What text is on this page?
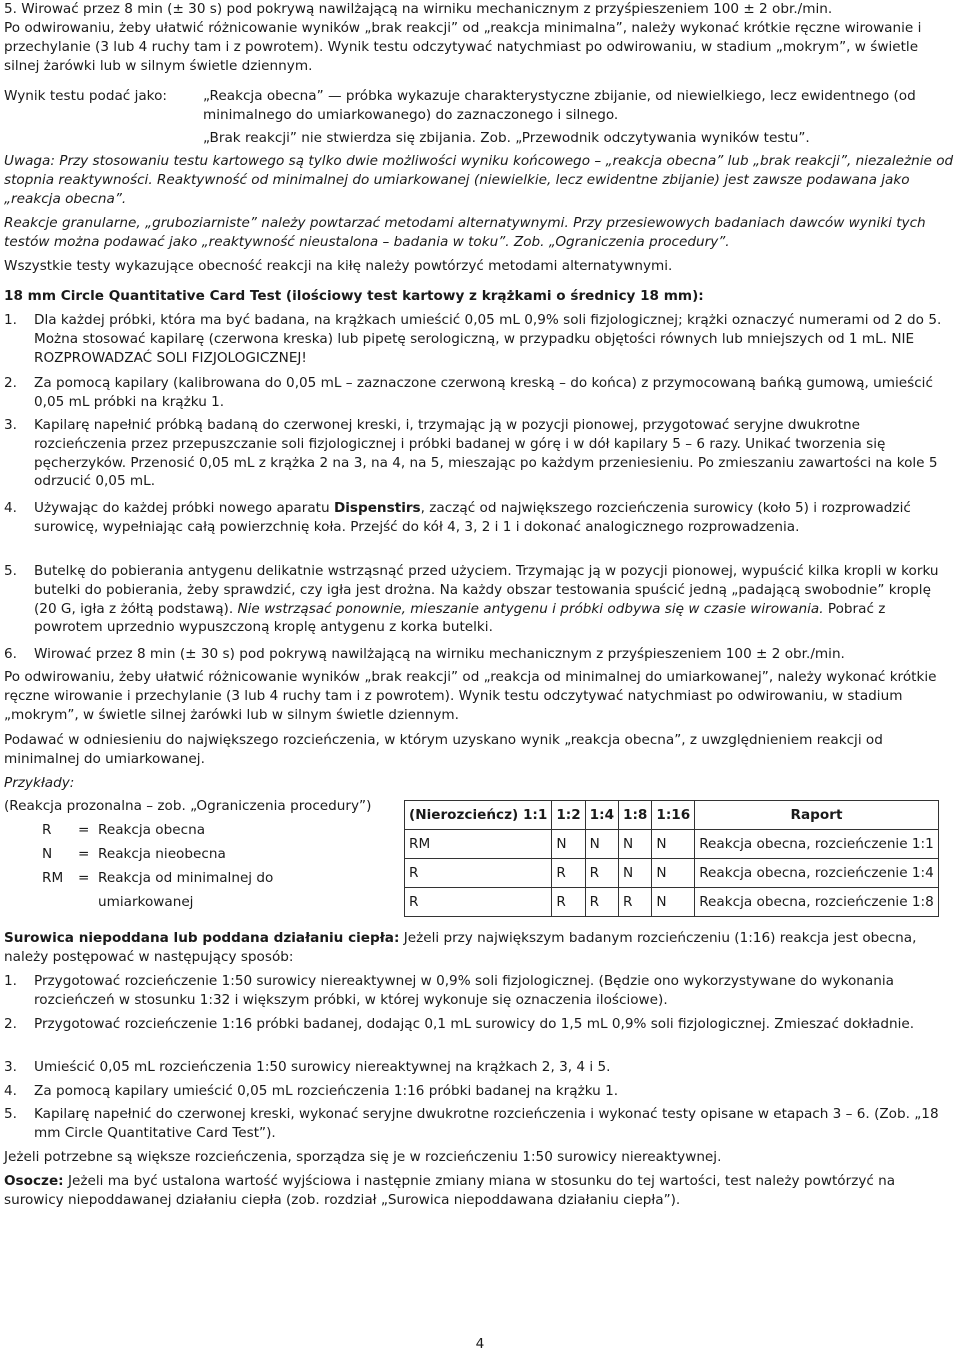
5. Wirować przez 8 min (± 30 s) pod pokrywą nawilżającą na wirniku mechanicznym z przyśpieszeniem 100 ± 2 obr./min.

Po odwirowaniu, żeby ułatwić różnicowanie wyników „brak reakcji” od „reakcja minimalna”, należy wykonać krótkie ręczne wirowanie i przechylanie (3 lub 4 ruchy tam i z powrotem). Wynik testu odczytywać natychmiast po odwirowaniu, w stadium „mokrym”, w świetle silnej żarówki lub w silnym świetle dziennym.

Wynik testu podać jako:	„Reakcja obecna” — próbka wykazuje charakterystyczne zbijanie, od niewielkiego, lecz ewidentnego (od minimalnego do umiarkowanego) do zaznaczonego i silnego.
„Brak reakcji” nie stwierdza się zbijania. Zob. „Przewodnik odczytywania wyników testu”.

Uwaga: Przy stosowaniu testu kartowego są tylko dwie możliwości wyniku końcowego – „reakcja obecna” lub „brak reakcji”, niezależnie od stopnia reaktywności. Reaktywność od minimalnej do umiarkowanej (niewielkie, lecz ewidentne zbijanie) jest zawsze podawana jako „reakcja obecna”.

Reakcje granularne, „gruboziarniste” należy powtarzać metodami alternatywnymi. Przy przesiewowych badaniach dawców wyniki tych testów można podawać jako „reaktywność nieustalona – badania w toku”. Zob. „Ograniczenia procedury”.

Wszystkie testy wykazujące obecność reakcji na kiłę należy powtórzyć metodami alternatywnymi.

18 mm Circle Quantitative Card Test (ilościowy test kartowy z krążkami o średnicy 18 mm):

1.	Dla każdej próbki, która ma być badana, na krążkach umieścić 0,05 mL 0,9% soli fizjologicznej; krążki oznaczyć numerami od 2 do 5. Można stosować kapilarę (czerwona kreska) lub pipetę serologiczną, w przypadku objętości równych lub mniejszych od 1 mL. NIE ROZPROWADZAĆ SOLI FIZJOLOGICZNEJ!
2.	Za pomocą kapilary (kalibrowana do 0,05 mL – zaznaczone czerwoną kreską – do końca) z przymocowaną bańką gumową, umieścić 0,05 mL próbki na krążku 1.
3.	Kapilarę napełnić próbką badaną do czerwonej kreski, i, trzymając ją w pozycji pionowej, przygotować seryjne dwukrotne rozcieńczenia przez przepuszczanie soli fizjologicznej i próbki badanej w górę i w dół kapilary 5 – 6 razy. Unikać tworzenia się pęcherzyków. Przenosić 0,05 mL z krążka 2 na 3, na 4, na 5, mieszając po każdym przeniesieniu. Po zmieszaniu zawartości na kole 5 odrzucić 0,05 mL.
4.	Używając do każdej próbki nowego aparatu Dispenstirs, zacząć od największego rozcieńczenia surowicy (koło 5) i rozprowadzić surowicę, wypełniając całą powierzchnię koła. Przejść do kół 4, 3, 2 i 1 i dokonać analogicznego rozprowadzenia.
5.	Butelkę do pobierania antygenu delikatnie wstrząsnąć przed użyciem. Trzymając ją w pozycji pionowej, wypuścić kilka kropli w korku butelki do pobierania, żeby sprawdzić, czy igła jest drożna. Na każdy obszar testowania spuścić jedną „padającą swobodnie” kroplę (20 G, igła z żółtą podstawą). Nie wstrząsać ponownie, mieszanie antygenu i próbki odbywa się w czasie wirowania. Pobrać z powrotem uprzednio wypuszczoną kroplę antygenu z korka butelki.
6.	Wirować przez 8 min (± 30 s) pod pokrywą nawilżającą na wirniku mechanicznym z przyśpieszeniem 100 ± 2 obr./min.

Po odwirowaniu, żeby ułatwić różnicowanie wyników „brak reakcji” od „reakcja od minimalnej do umiarkowanej”, należy wykonać krótkie ręczne wirowanie i przechylanie (3 lub 4 ruchy tam i z powrotem). Wynik testu odczytywać natychmiast po odwirowaniu, w stadium „mokrym”, w świetle silnej żarówki lub w silnym świetle dziennym.

Podawać w odniesieniu do największego rozcieńczenia, w którym uzyskano wynik „reakcja obecna”, z uwzględnieniem reakcji od minimalnej do umiarkowanej.

Przykłady:

(Reakcja prozonalna – zob. „Ograniczenia procedury”)

R	= Reakcja obecna
N	= Reakcja nieobecna
RM	= Reakcja od minimalnej do umiarkowanej
(Nierozcieńcz) 1:1	1:2	1:4	1:8	1:16	Raport
RM	N	N	N	N	Reakcja obecna, rozcieńczenie 1:1
R	R	R	N	N	Reakcja obecna, rozcieńczenie 1:4
R	R	R	R	N	Reakcja obecna, rozcieńczenie 1:8

Surowica niepoddana lub poddana działaniu ciepła: Jeżeli przy największym badanym rozcieńczeniu (1:16) reakcja jest obecna, należy postępować w następujący sposób:

1.	Przygotować rozcieńczenie 1:50 surowicy niereaktywnej w 0,9% soli fizjologicznej. (Będzie ono wykorzystywane do wykonania rozcieńczeń w stosunku 1:32 i większym próbki, w której wykonuje się oznaczenia ilościowe).
2.	Przygotować rozcieńczenie 1:16 próbki badanej, dodając 0,1 mL surowicy do 1,5 mL 0,9% soli fizjologicznej. Zmieszać dokładnie.
3.	Umieścić 0,05 mL rozcieńczenia 1:50 surowicy niereaktywnej na krążkach 2, 3, 4 i 5.
4.	Za pomocą kapilary umieścić 0,05 mL rozcieńczenia 1:16 próbki badanej na krążku 1.
5.	Kapilarę napełnić do czerwonej kreski, wykonać seryjne dwukrotne rozcieńczenia i wykonać testy opisane w etapach 3 – 6. (Zob. „18 mm Circle Quantitative Card Test”).

Jeżeli potrzebne są większe rozcieńczenia, sporządza się je w rozcieńczeniu 1:50 surowicy niereaktywnej.

Osocze: Jeżeli ma być ustalona wartość wyjściowa i następnie zmiany miana w stosunku do tej wartości, test należy powtórzyć na surowicy niepoddawanej działaniu ciepła (zob. rozdział „Surowica niepoddawana działaniu ciepła”).

4
